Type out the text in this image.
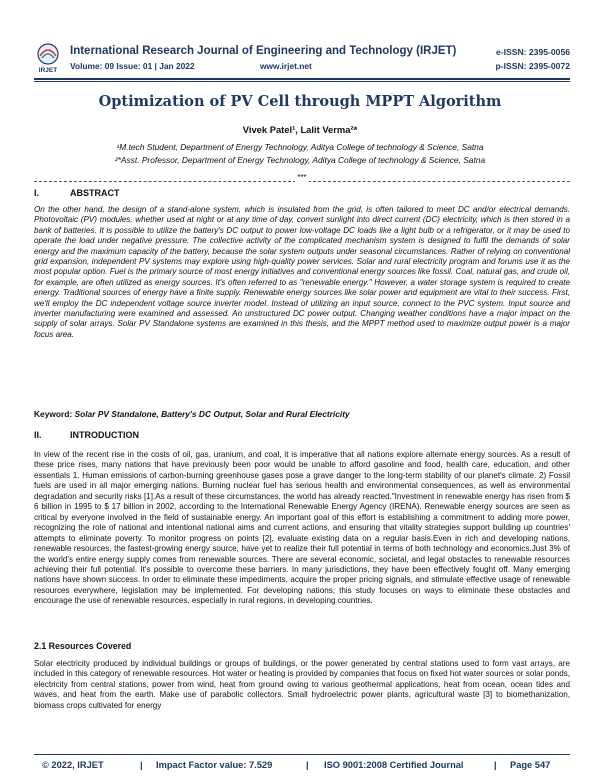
IRJET
International Research Journal of Engineering and Technology (IRJET)
Volume: 09 Issue: 01 | Jan 2022	www.irjet.net
e-ISSN: 2395-0056
p-ISSN: 2395-0072
Optimization of PV Cell through MPPT Algorithm
Vivek Patel¹, Lalit Verma²*
¹M.tech Student, Department of Energy Technology, Aditya College of technology & Science, Satna
²*Asst. Professor, Department of Energy Technology, Aditya College of technology & Science, Satna
***
I.	ABSTRACT
On the other hand, the design of a stand-alone system, which is insulated from the grid, is often tailored to meet DC and/or electrical demands. Photovoltaic (PV) modules, whether used at night or at any time of day, convert sunlight into direct current (DC) electricity, which is then stored in a bank of batteries. It is possible to utilize the battery's DC output to power low-voltage DC loads like a light bulb or a refrigerator, or it may be used to operate the load under negative pressure. The collective activity of the complicated mechanism system is designed to fulfil the demands of solar energy and the maximum capacity of the battery, because the solar system outputs under seasonal circumstances. Rather of relying on conventional grid expansion, independent PV systems may explore using high-quality power services. Solar and rural electricity program and forums use it as the most popular option. Fuel is the primary source of most energy initiatives and conventional energy sources like fossil. Coal, natural gas, and crude oil, for example, are often utilized as energy sources. It's often referred to as "renewable energy." However, a water storage system is required to create energy. Traditional sources of energy have a finite supply. Renewable energy sources like solar power and equipment are vital to their success. First, we'll employ the DC independent voltage source inverter model. Instead of utilizing an input source, connect to the PVC system. Input source and inverter manufacturing were examined and assessed. An unstructured DC power output. Changing weather conditions have a major impact on the supply of solar arrays. Solar PV Standalone systems are examined in this thesis, and the MPPT method used to maximize output power is a major focus area.
Keyword: Solar PV Standalone, Battery's DC Output, Solar and Rural Electricity
II.	INTRODUCTION
In view of the recent rise in the costs of oil, gas, uranium, and coal, it is imperative that all nations explore alternate energy sources. As a result of these price rises, many nations that have previously been poor would be unable to afford gasoline and food, health care, education, and other essentials 1. Human emissions of carbon-burning greenhouse gases pose a grave danger to the long-term stability of our planet's climate. 2) Fossil fuels are used in all major emerging nations. Burning nuclear fuel has serious health and environmental consequences, as well as environmental degradation and security risks [1].As a result of these circumstances, the world has already reacted."Investment in renewable energy has risen from $ 6 billion in 1995 to $ 17 billion in 2002, according to the International Renewable Energy Agency (IRENA). Renewable energy sources are seen as critical by everyone involved in the field of sustainable energy. An important goal of this effort is establishing a commitment to adding more power, recognizing the role of national and intentional national aims and current actions, and ensuring that vitality strategies support building up countries' attempts to eliminate poverty. To monitor progress on points [2], evaluate existing data on a regular basis.Even in rich and developing nations, renewable resources, the fastest-growing energy source, have yet to realize their full potential in terms of both technology and economics.Just 3% of the world's entire energy supply comes from renewable sources. There are several economic, societal, and legal obstacles to renewable resources achieving their full potential. It's possible to overcome these barriers. In many jurisdictions, they have been effectively fought off. Many emerging nations have shown success. In order to eliminate these impediments, acquire the proper pricing signals, and stimulate effective usage of renewable resources everywhere, legislation may be implemented. For developing nations, this study focuses on ways to eliminate these obstacles and encourage the use of renewable resources, especially in rural regions, in developing countries.
2.1 Resources Covered
Solar electricity produced by individual buildings or groups of buildings, or the power generated by central stations used to form vast arrays, are included in this category of renewable resources. Hot water or heating is provided by companies that focus on fixed hot water sources or solar ponds, electricity from central stations, power from wind, heat from ground owing to various geothermal applications, heat from ocean, ocean tides and waves, and heat from the earth. Make use of parabolic collectors. Small hydroelectric power plants, agricultural waste [3] to biomethanization, biomass crops cultivated for energy
© 2022, IRJET	| Impact Factor value: 7.529	| ISO 9001:2008 Certified Journal	| Page 547
